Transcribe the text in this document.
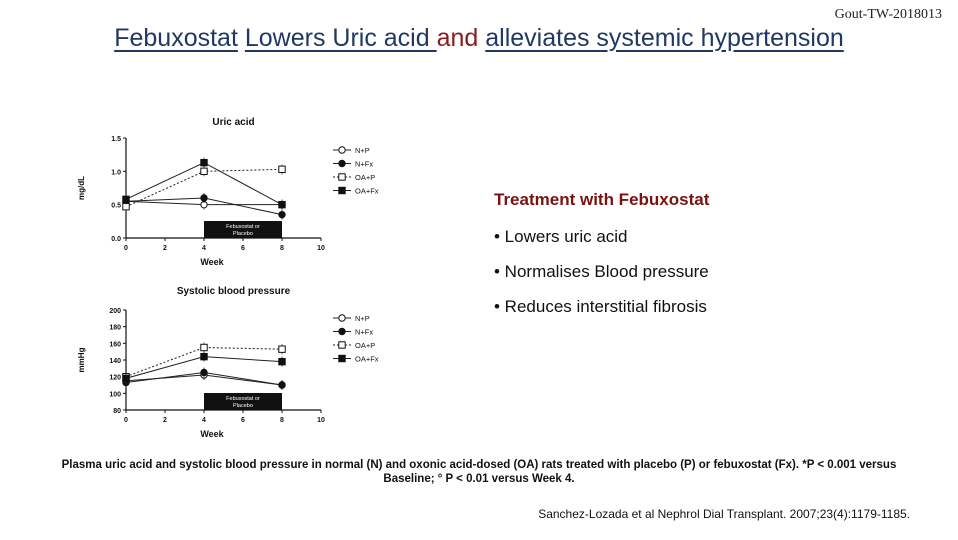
Gout-TW-2018013
Febuxostat Lowers Uric acid and alleviates systemic hypertension
Uric acid
mg/dL
Week
0.0
0.5
1.0
1.5
0	2	4	6	8	10
Febuxostat or
Placebo
N+P
N+Fx
OA+P
OA+Fx
Systolic blood pressure
mmHg
Week
80
100
120
140
160
180
200
0	2	4	6	8	10
Febuxostat or
Placebo
N+P
N+Fx
OA+P
OA+Fx
Treatment with Febuxostat
• Lowers uric acid
• Normalises Blood pressure
• Reduces interstitial fibrosis
Plasma uric acid and systolic blood pressure in normal (N) and oxonic acid-dosed (OA) rats treated with placebo (P) or febuxostat (Fx). *P < 0.001 versus
Baseline; ° P < 0.01 versus Week 4.
Sanchez-Lozada et al Nephrol Dial Transplant. 2007;23(4):1179-1185.
